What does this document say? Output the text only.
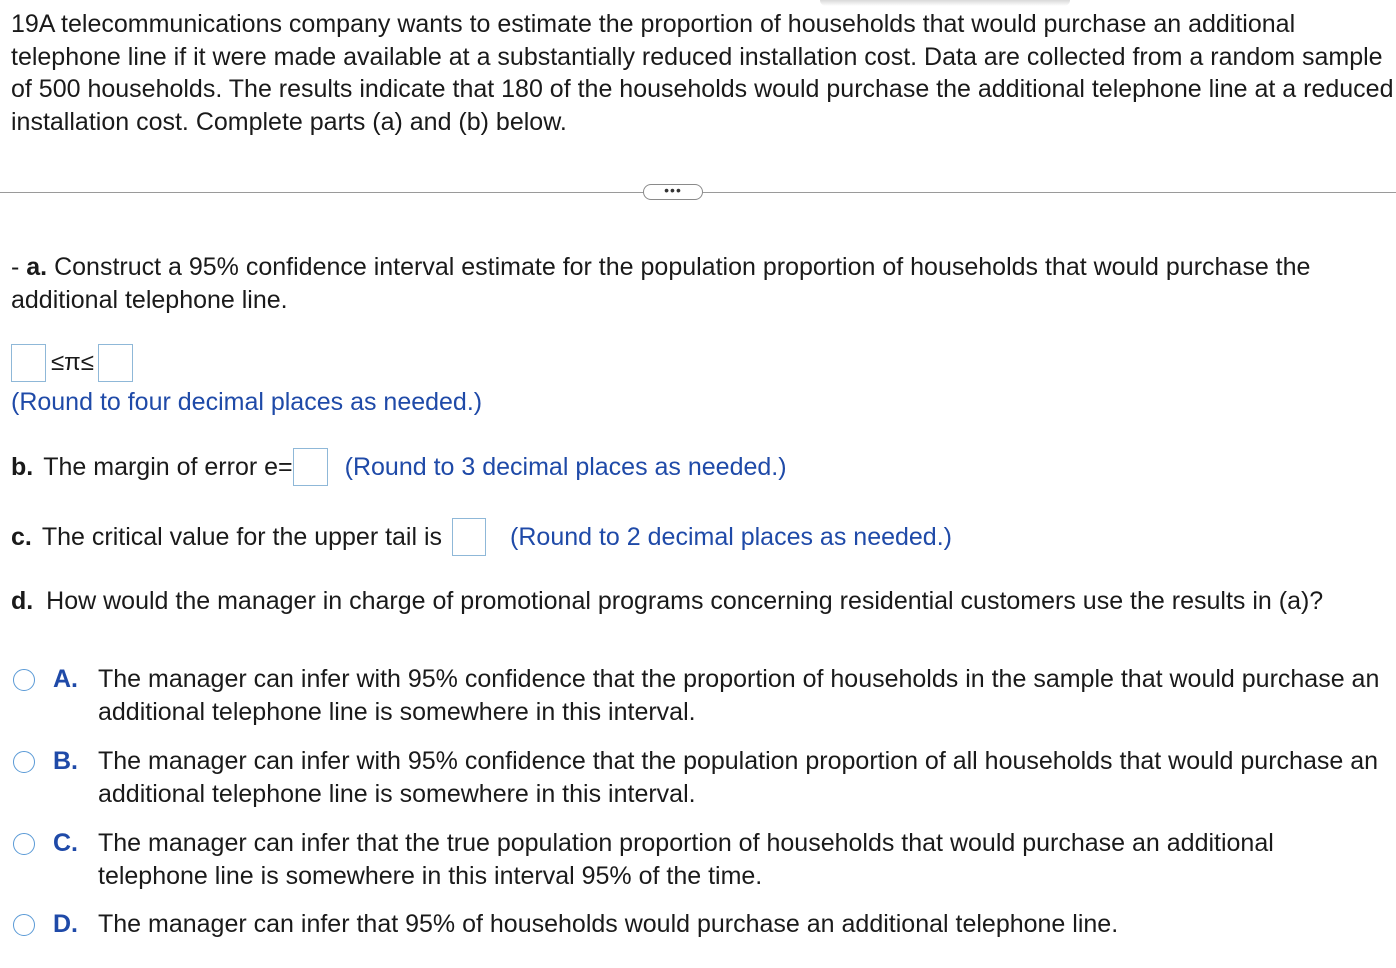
19A telecommunications company wants to estimate the proportion of households that would purchase an additional telephone line if it were made available at a substantially reduced installation cost. Data are collected from a random sample of 500 households. The results indicate that 180 of the households would purchase the additional telephone line at a reduced installation cost. Complete parts (a) and (b) below.
•••
- a. Construct a 95% confidence interval estimate for the population proportion of households that would purchase the additional telephone line.
≤π≤
(Round to four decimal places as needed.)
b. The margin of error e= (Round to 3 decimal places as needed.)
c. The critical value for the upper tail is	(Round to 2 decimal places as needed.)
d. How would the manager in charge of promotional programs concerning residential customers use the results in (a)?
A. The manager can infer with 95% confidence that the proportion of households in the sample that would purchase an additional telephone line is somewhere in this interval.
B. The manager can infer with 95% confidence that the population proportion of all households that would purchase an additional telephone line is somewhere in this interval.
C. The manager can infer that the true population proportion of households that would purchase an additional telephone line is somewhere in this interval 95% of the time.
D. The manager can infer that 95% of households would purchase an additional telephone line.
